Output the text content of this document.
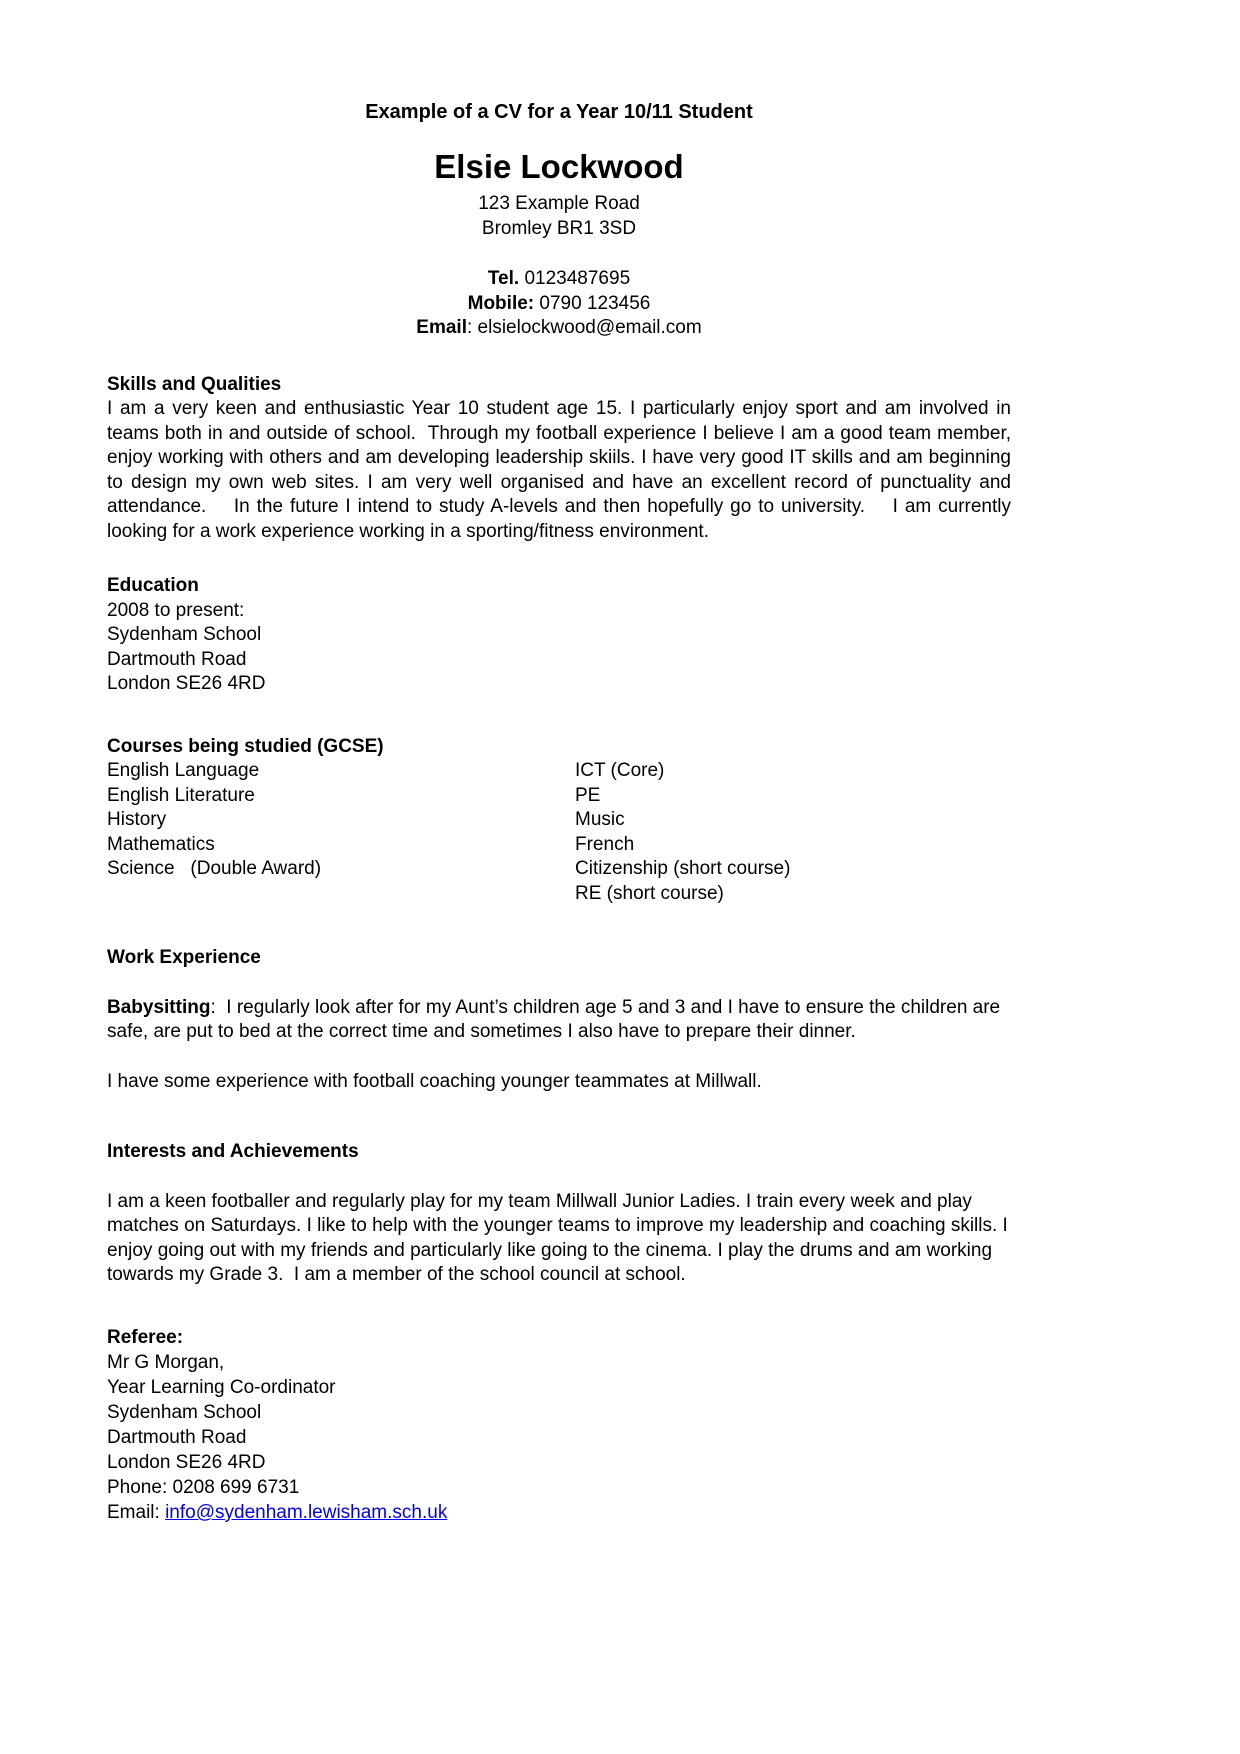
Example of a CV for a Year 10/11 Student
Elsie Lockwood
123 Example Road
Bromley BR1 3SD
Tel. 0123487695
Mobile: 0790 123456
Email: elsielockwood@email.com
Skills and Qualities

I am a very keen and enthusiastic Year 10 student age 15. I particularly enjoy sport and am involved in teams both in and outside of school.  Through my football experience I believe I am a good team member, enjoy working with others and am developing leadership skiils. I have very good IT skills and am beginning to design my own web sites. I am very well organised and have an excellent record of punctuality and attendance.    In the future I intend to study A-levels and then hopefully go to university.    I am currently looking for a work experience working in a sporting/fitness environment.

Education
2008 to present:
Sydenham School
Dartmouth Road
London SE26 4RD
Courses being studied (GCSE)
English Language
English Literature
History
Mathematics
Science   (Double Award)
ICT (Core)
PE
Music
French
Citizenship (short course)
RE (short course)
Work Experience

Babysitting:  I regularly look after for my Aunt’s children age 5 and 3 and I have to ensure the children are safe, are put to bed at the correct time and sometimes I also have to prepare their dinner.

I have some experience with football coaching younger teammates at Millwall.

Interests and Achievements

I am a keen footballer and regularly play for my team Millwall Junior Ladies. I train every week and play matches on Saturdays. I like to help with the younger teams to improve my leadership and coaching skills. I enjoy going out with my friends and particularly like going to the cinema. I play the drums and am working towards my Grade 3.  I am a member of the school council at school.

Referee:
Mr G Morgan,
Year Learning Co-ordinator
Sydenham School
Dartmouth Road
London SE26 4RD
Phone: 0208 699 6731
Email: info@sydenham.lewisham.sch.uk
